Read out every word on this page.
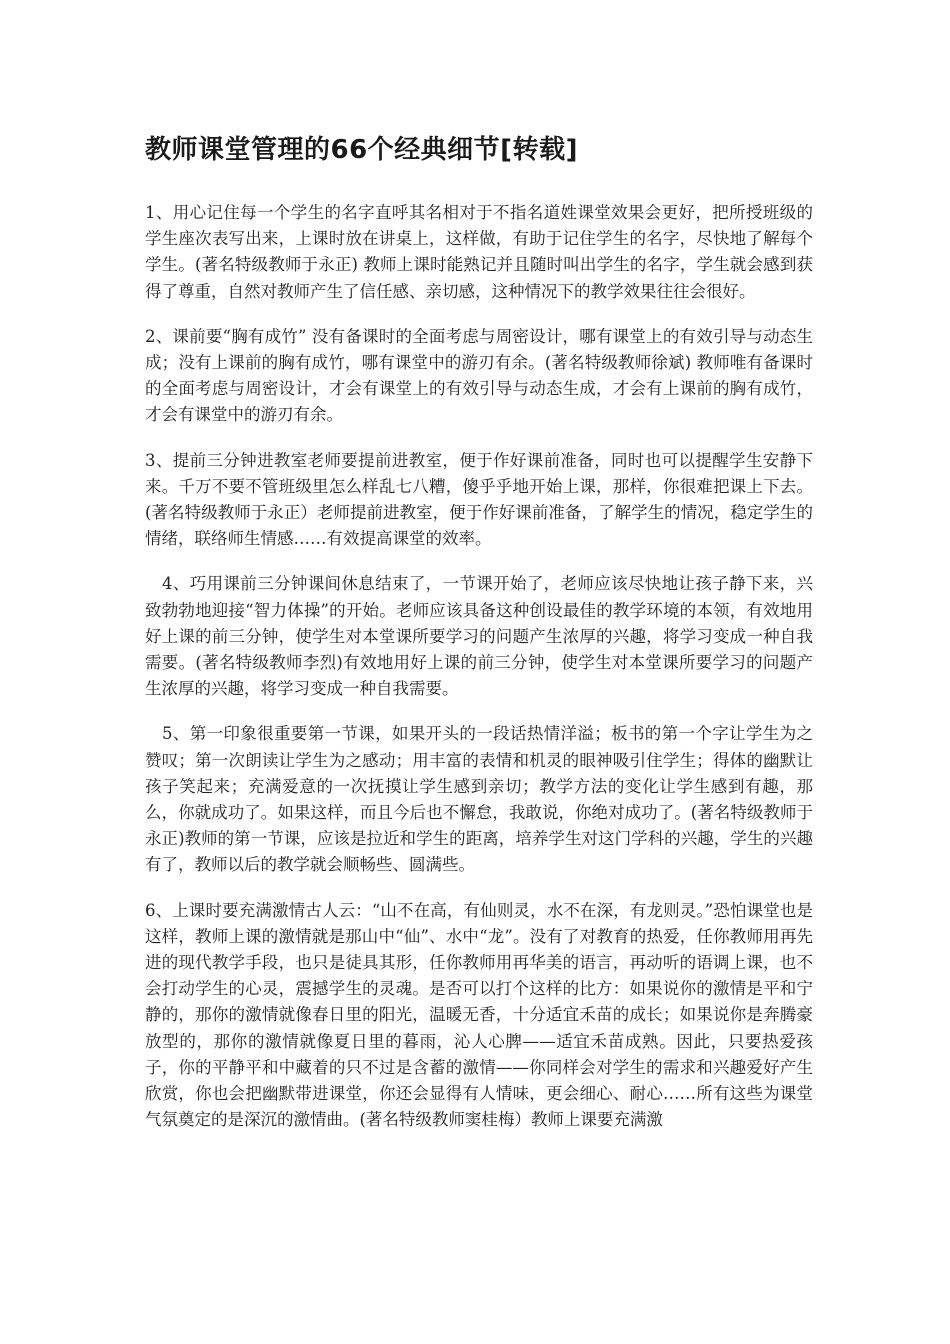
教师课堂管理的66个经典细节[转载]

1、用心记住每一个学生的名字直呼其名相对于不指名道姓课堂效果会更好，把所授班级的学生座次表写出来，上课时放在讲桌上，这样做，有助于记住学生的名字，尽快地了解每个学生。(著名特级教师于永正) 教师上课时能熟记并且随时叫出学生的名字，学生就会感到获得了尊重，自然对教师产生了信任感、亲切感，这种情况下的教学效果往往会很好。

2、课前要“胸有成竹” 没有备课时的全面考虑与周密设计，哪有课堂上的有效引导与动态生成；没有上课前的胸有成竹，哪有课堂中的游刃有余。(著名特级教师徐斌) 教师唯有备课时的全面考虑与周密设计，才会有课堂上的有效引导与动态生成，才会有上课前的胸有成竹，才会有课堂中的游刃有余。

3、提前三分钟进教室老师要提前进教室，便于作好课前准备，同时也可以提醒学生安静下来。千万不要不管班级里怎么样乱七八糟，傻乎乎地开始上课，那样，你很难把课上下去。(著名特级教师于永正）老师提前进教室，便于作好课前准备，了解学生的情况，稳定学生的情绪，联络师生情感……有效提高课堂的效率。

4、巧用课前三分钟课间休息结束了，一节课开始了，老师应该尽快地让孩子静下来，兴致勃勃地迎接“智力体操”的开始。老师应该具备这种创设最佳的教学环境的本领，有效地用好上课的前三分钟，使学生对本堂课所要学习的问题产生浓厚的兴趣，将学习变成一种自我需要。(著名特级教师李烈)有效地用好上课的前三分钟，使学生对本堂课所要学习的问题产生浓厚的兴趣，将学习变成一种自我需要。

5、第一印象很重要第一节课，如果开头的一段话热情洋溢；板书的第一个字让学生为之赞叹；第一次朗读让学生为之感动；用丰富的表情和机灵的眼神吸引住学生；得体的幽默让孩子笑起来；充满爱意的一次抚摸让学生感到亲切；教学方法的变化让学生感到有趣，那么，你就成功了。如果这样，而且今后也不懈怠，我敢说，你绝对成功了。(著名特级教师于永正)教师的第一节课，应该是拉近和学生的距离，培养学生对这门学科的兴趣，学生的兴趣有了，教师以后的教学就会顺畅些、圆满些。

6、上课时要充满激情古人云：“山不在高，有仙则灵，水不在深，有龙则灵。”恐怕课堂也是这样，教师上课的激情就是那山中“仙”、水中“龙”。没有了对教育的热爱，任你教师用再先进的现代教学手段，也只是徒具其形，任你教师用再华美的语言，再动听的语调上课，也不会打动学生的心灵，震撼学生的灵魂。是否可以打个这样的比方：如果说你的激情是平和宁静的，那你的激情就像春日里的阳光，温暖无香，十分适宜禾苗的成长；如果说你是奔腾豪放型的，那你的激情就像夏日里的暮雨，沁人心脾——适宜禾苗成熟。因此，只要热爱孩子，你的平静平和中藏着的只不过是含蓄的激情——你同样会对学生的需求和兴趣爱好产生欣赏，你也会把幽默带进课堂，你还会显得有人情味，更会细心、耐心……所有这些为课堂气氛奠定的是深沉的激情曲。(著名特级教师窦桂梅）教师上课要充满激
